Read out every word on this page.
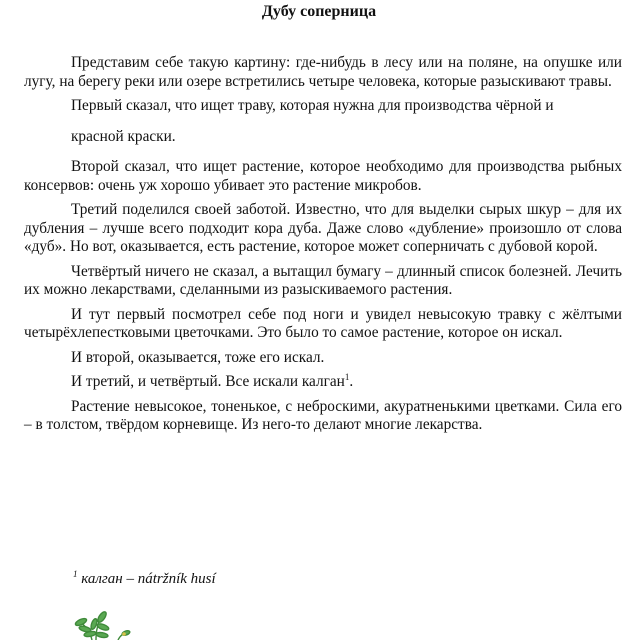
Дубу соперница

Представим себе такую картину: где-нибудь в лесу или на поляне, на опушке или лугу, на берегу реки или озере встретились четыре человека, которые разыскивают травы.

Первый сказал, что ищет траву, которая нужна для производства чёрной и

красной краски.

Второй сказал, что ищет растение, которое необходимо для производства рыбных консервов: очень уж хорошо убивает это растение микробов.

Третий поделился своей заботой. Известно, что для выделки сырых шкур – для их дубления – лучше всего подходит кора дуба. Даже слово «дубление» произошло от слова «дуб». Но вот, оказывается, есть растение, которое может соперничать с дубовой корой.

Четвёртый ничего не сказал, а вытащил бумагу – длинный список болезней. Лечить их можно лекарствами, сделанными из разыскиваемого растения.

И тут первый посмотрел себе под ноги и увидел невысокую травку с жёлтыми четырёхлепестковыми цветочками. Это было то самое растение, которое он искал.

И второй, оказывается, тоже его искал.

И третий, и четвёртый. Все искали калган$^1$.

Растение невысокое, тоненькое, с неброскими, акуратненькими цветками. Сила его – в толстом, твёрдом корневище. Из него-то делают многие лекарства.

$^1$ калган – nátržník husí
